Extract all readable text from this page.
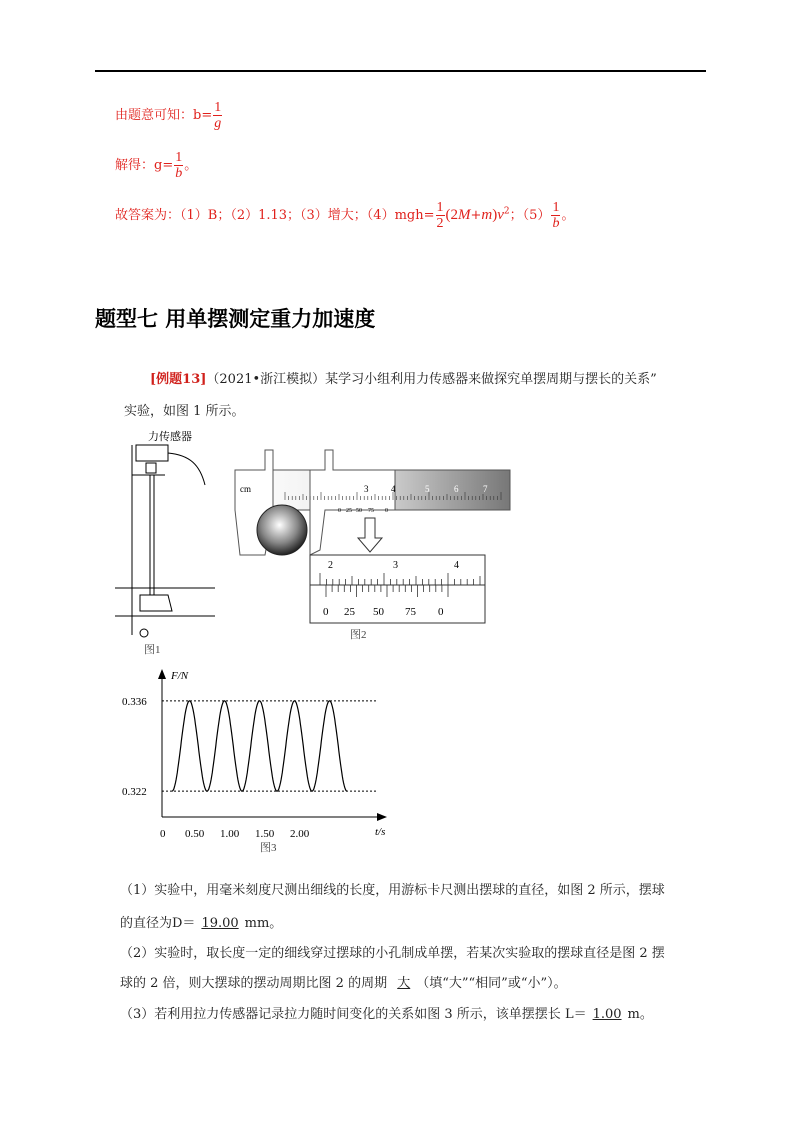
由题意可知：$b= \frac{1}{g}$
解得：$g= \frac{1}{b}$ 。
故答案为：（1）B；（2）1.13；（3）增大；$(4)mgh= \frac{1}{2} (2M+m)v^2$；$(5) \frac{1}{b}$ 。
题型七 用单摆测定重力加速度
[例题13]（2021•浙江模拟）某学习小组利用力传感器来做探究单摆周期与摆长的关系”
实验，如图 1 所示。
力传感器
图1
cm	3	4	5	6	7
0 25 50 75 0
2	3	4
0 25 50 75 0
图2
F/N
t/s
0.336
0.322
0 0.50 1.00 1.50 2.00
图3
（1）实验中，用毫米刻度尺测出细线的长度，用游标卡尺测出摆球的直径，如图 2 所示，摆球
的直径为D＝ 19.00 mm。
（2）实验时，取长度一定的细线穿过摆球的小孔制成单摆，若某次实验取的摆球直径是图 2 摆
球的 2 倍，则大摆球的摆动周期比图 2 的周期 大 （填“大”“相同”或“小”）。
（3）若利用拉力传感器记录拉力随时间变化的关系如图 3 所示，该单摆摆长 L＝ 1.00 m。
